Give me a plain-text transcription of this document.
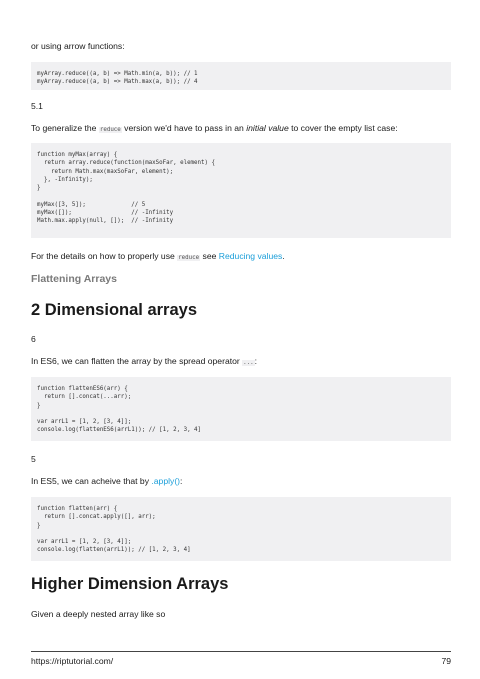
or using arrow functions:
myArray.reduce((a, b) => Math.min(a, b)); // 1
myArray.reduce((a, b) => Math.max(a, b)); // 4
5.1
To generalize the reduce version we'd have to pass in an initial value to cover the empty list case:
function myMax(array) {
return array.reduce(function(maxSoFar, element) {
return Math.max(maxSoFar, element);
}, -Infinity);
}

myMax([3, 5]);             // 5
myMax([]);                 // -Infinity
Math.max.apply(null, []);  // -Infinity
For the details on how to properly use reduce see Reducing values.
Flattening Arrays
2 Dimensional arrays
6
In ES6, we can flatten the array by the spread operator ...:
function flattenES6(arr) {
return [].concat(...arr);
}

var arrL1 = [1, 2, [3, 4]];
console.log(flattenES6(arrL1)); // [1, 2, 3, 4]
5
In ES5, we can acheive that by .apply():
function flatten(arr) {
return [].concat.apply([], arr);
}

var arrL1 = [1, 2, [3, 4]];
console.log(flatten(arrL1)); // [1, 2, 3, 4]
Higher Dimension Arrays
Given a deeply nested array like so
https://riptutorial.com/	79
